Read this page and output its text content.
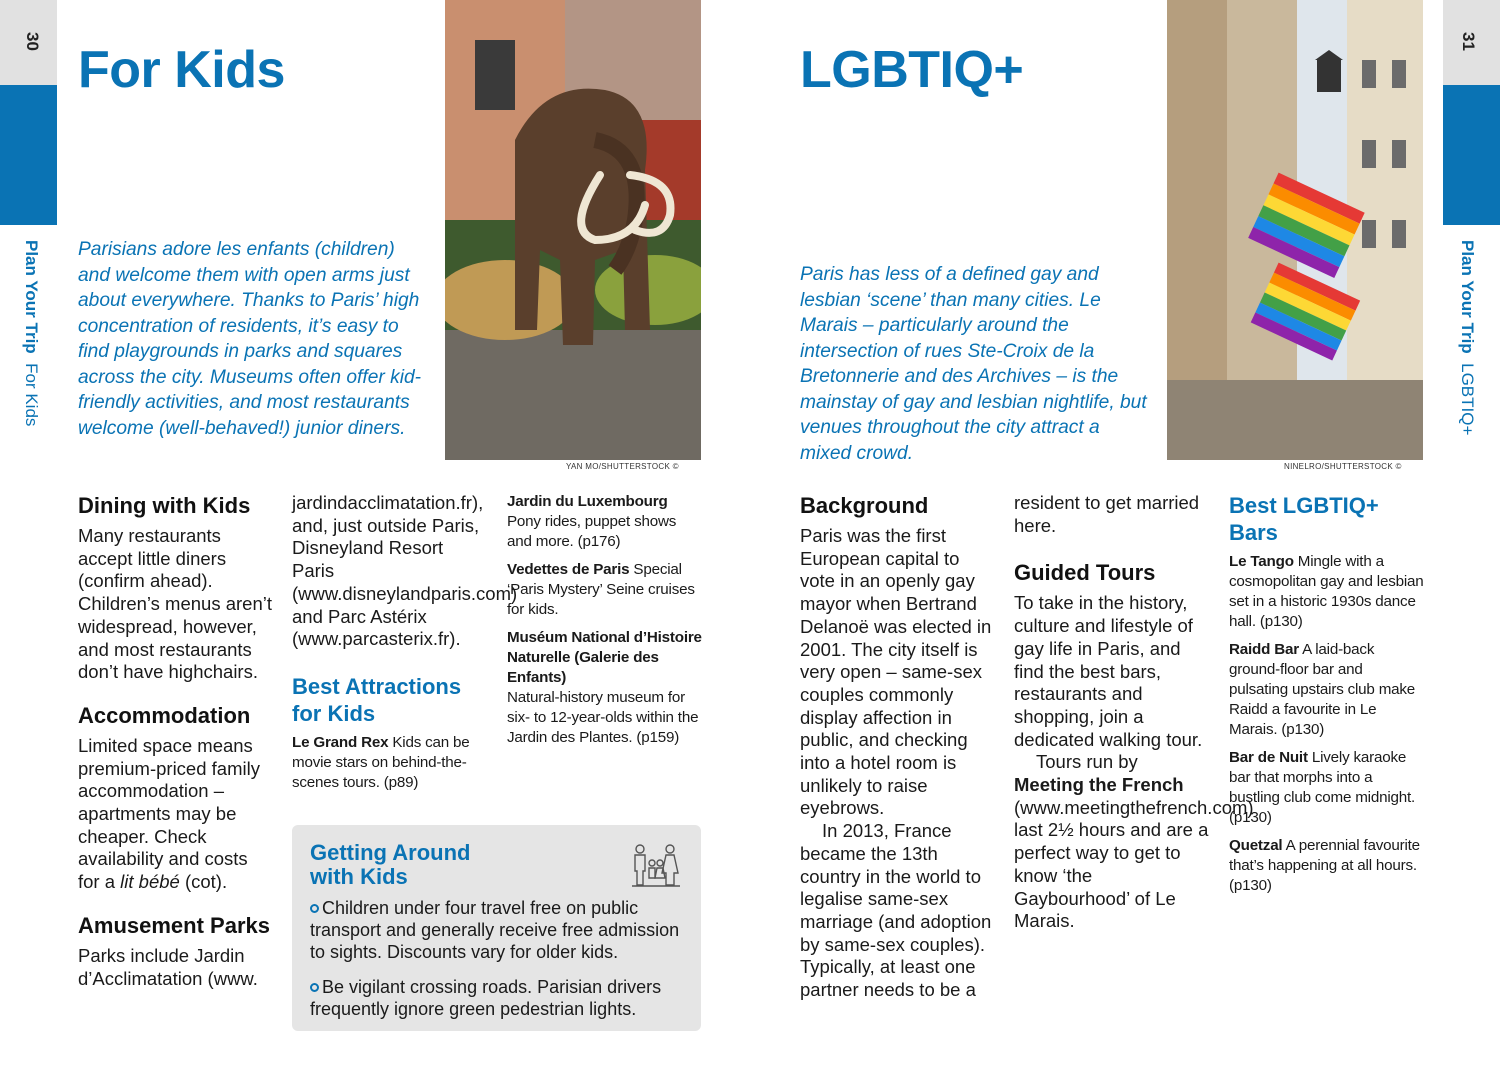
30
Plan Your Trip  For Kids
For Kids

Parisians adore les enfants (children) and welcome them with open arms just about everywhere. Thanks to Paris’ high concentration of residents, it’s easy to find playgrounds in parks and squares across the city. Museums often offer kid-friendly activities, and most restaurants welcome (well-behaved!) junior diners.

YAN MO/SHUTTERSTOCK ©
Dining with Kids

Many restaurants accept little diners (confirm ahead). Children’s menus aren’t widespread, however, and most restaurants don’t have highchairs.

Accommodation

Limited space means premium-priced family accommodation – apartments may be cheaper. Check availability and costs for a lit bébé (cot).

Amusement Parks

Parks include Jardin d’Acclimatation (www.

jardindacclimatation.fr), and, just outside Paris, Disneyland Resort Paris (www.disneylandparis.com) and Parc Astérix (www.parcasterix.fr).

Best Attractions for Kids

Le Grand Rex Kids can be movie stars on behind-the-scenes tours. (p89)

Jardin du Luxembourg
Pony rides, puppet shows and more. (p176)

Vedettes de Paris Special ‘Paris Mystery’ Seine cruises for kids.

Muséum National d’Histoire Naturelle (Galerie des Enfants)
Natural-history museum for six- to 12-year-olds within the Jardin des Plantes. (p159)

Getting Around
with Kids

Children under four travel free on public transport and generally receive free admission to sights. Discounts vary for older kids.

Be vigilant crossing roads. Parisian drivers frequently ignore green pedestrian lights.

LGBTIQ+

Paris has less of a defined gay and lesbian ‘scene’ than many cities. Le Marais – particularly around the intersection of rues Ste-Croix de la Bretonnerie and des Archives – is the mainstay of gay and lesbian nightlife, but venues throughout the city attract a mixed crowd.

NINELRO/SHUTTERSTOCK ©
Background

Paris was the first European capital to vote in an openly gay mayor when Bertrand Delanoë was elected in 2001. The city itself is very open – same-sex couples commonly display affection in public, and checking into a hotel room is unlikely to raise eyebrows.

In 2013, France became the 13th country in the world to legalise same-sex marriage (and adoption by same-sex couples). Typically, at least one partner needs to be a

resident to get married here.

Guided Tours

To take in the history, culture and lifestyle of gay life in Paris, and find the best bars, restaurants and shopping, join a dedicated walking tour.

Tours run by Meeting the French (www.meetingthefrench.com) last 2½ hours and are a perfect way to get to know ‘the Gaybourhood’ of Le Marais.

Best LGBTIQ+ Bars

Le Tango Mingle with a cosmopolitan gay and lesbian set in a historic 1930s dance hall. (p130)

Raidd Bar A laid-back ground-floor bar and pulsating upstairs club make Raidd a favourite in Le Marais. (p130)

Bar de Nuit Lively karaoke bar that morphs into a bustling club come midnight. (p130)

Quetzal A perennial favourite that’s happening at all hours. (p130)

31
Plan Your Trip  LGBTIQ+
